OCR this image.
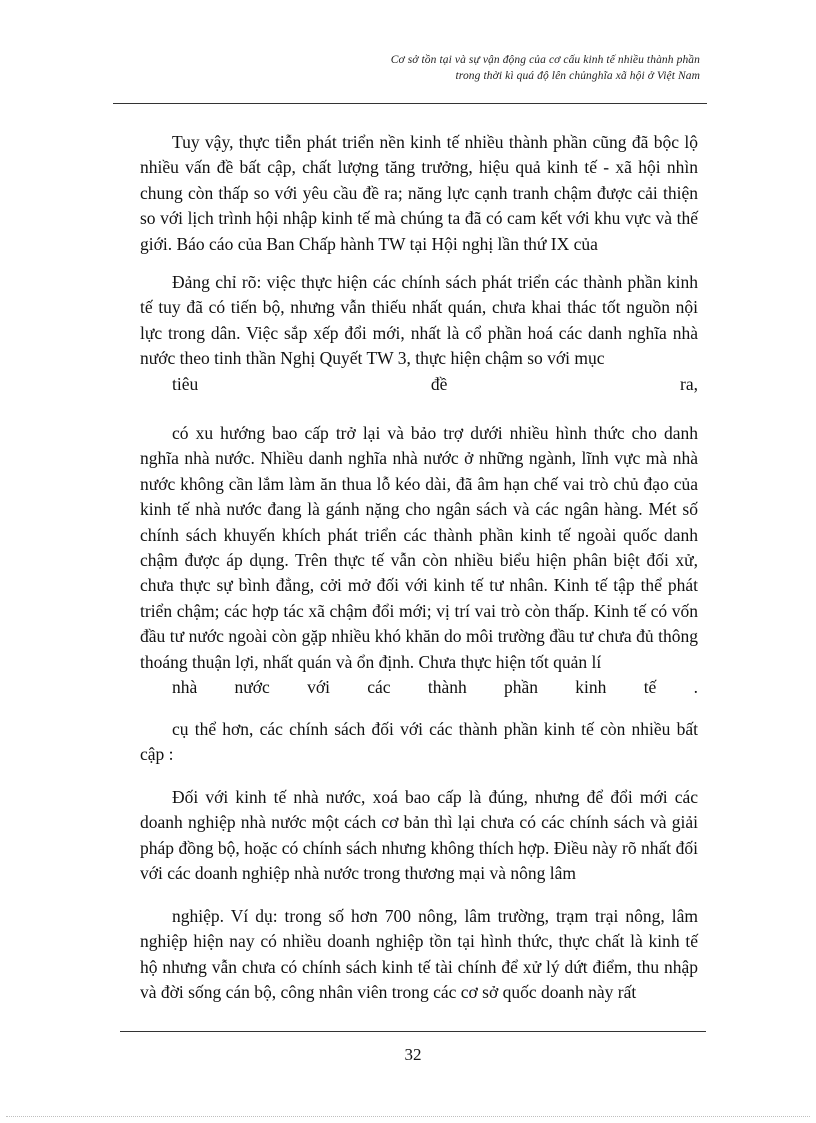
Cơ sở tồn tại và sự vận động của cơ cấu kinh tế nhiều thành phần
trong thời kì quá độ lên chủnghĩa xã hội ở Việt Nam

Tuy vậy, thực tiễn phát triển nền kinh tế nhiều thành phần cũng đã bộc lộ nhiều vấn đề bất cập, chất lượng tăng trưởng, hiệu quả kinh tế - xã hội nhìn chung còn thấp so với yêu cầu đề ra; năng lực cạnh tranh chậm được cải thiện so với lịch trình hội nhập kinh tế mà chúng ta đã có cam kết với khu vực và thế giới. Báo cáo của Ban Chấp hành TW tại Hội nghị lần thứ IX của

Đảng chỉ rõ: việc thực hiện các chính sách phát triển các thành phần kinh tế tuy đã có tiến bộ, nhưng vẫn thiếu nhất quán, chưa khai thác tốt nguồn nội lực trong dân. Việc sắp xếp đổi mới, nhất là cổ phần hoá các danh nghĩa nhà nước theo tinh thần Nghị Quyết TW 3, thực hiện chậm so với mục
tiêu đề ra,

có xu hướng bao cấp trở lại và bảo trợ dưới nhiều hình thức cho danh nghĩa nhà nước. Nhiều danh nghĩa nhà nước ở những ngành, lĩnh vực mà nhà nước không cần lắm làm ăn thua lỗ kéo dài, đã âm hạn chế vai trò chủ đạo của kinh tế nhà nước đang là gánh nặng cho ngân sách và các ngân hàng. Mét số chính sách khuyến khích phát triển các thành phần kinh tế ngoài quốc danh chậm được áp dụng. Trên thực tế vẫn còn nhiều biểu hiện phân biệt đối xử, chưa thực sự bình đẳng, cởi mở đối với kinh tế tư nhân. Kinh tế tập thể phát triển chậm; các hợp tác xã chậm đổi mới; vị trí vai trò còn thấp. Kinh tế có vốn đầu tư nước ngoài còn gặp nhiều khó khăn do môi trường đầu tư chưa đủ thông thoáng thuận lợi, nhất quán và ổn định. Chưa thực hiện tốt quản lí
nhà nước với các thành phần kinh tế .

cụ thể hơn, các chính sách đối với các thành phần kinh tế còn nhiều bất cập :

Đối với kinh tế nhà nước, xoá bao cấp là đúng, nhưng để đổi mới các doanh nghiệp nhà nước một cách cơ bản thì lại chưa có các chính sách và giải pháp đồng bộ, hoặc có chính sách nhưng không thích hợp. Điều này rõ nhất đối với các doanh nghiệp nhà nước trong thương mại và nông lâm

nghiệp. Ví dụ: trong số hơn 700 nông, lâm trường, trạm trại nông, lâm nghiệp hiện nay có nhiều doanh nghiệp tồn tại hình thức, thực chất là kinh tế hộ nhưng vẫn chưa có chính sách kinh tế tài chính để xử lý dứt điểm, thu nhập và đời sống cán bộ, công nhân viên trong các cơ sở quốc doanh này rất

32
